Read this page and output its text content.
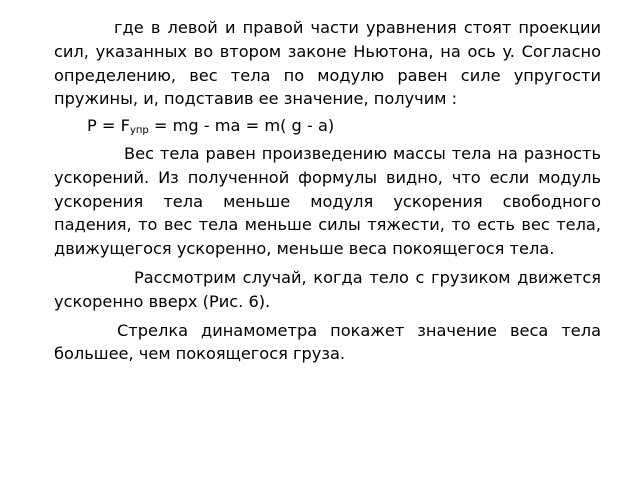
где в левой и правой части уравнения стоят проекции сил, указанных во втором законе Ньютона, на ось y. Согласно определению, вес тела по модулю равен силе упругости пружины, и, подставив ее значение, получим :

$P = F_{упр}$ = mg - ma = m( g - a)

Вес тела равен произведению массы тела на разность ускорений. Из полученной формулы видно, что если модуль ускорения тела меньше модуля ускорения свободного падения, то вес тела меньше силы тяжести, то есть вес тела, движущегося ускоренно, меньше веса покоящегося тела.

Рассмотрим случай, когда тело с грузиком движется ускоренно вверх (Рис. 6).

Стрелка динамометра покажет значение веса тела большее, чем покоящегося груза.
